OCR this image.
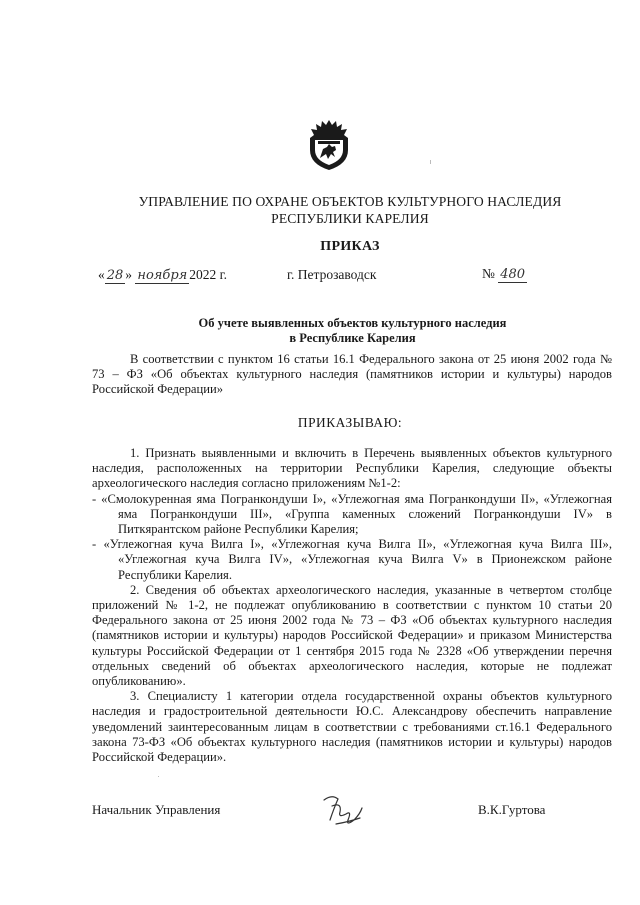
УПРАВЛЕНИЕ ПО ОХРАНЕ ОБЪЕКТОВ КУЛЬТУРНОГО НАСЛЕДИЯ
РЕСПУБЛИКИ КАРЕЛИЯ
ПРИКАЗ
« 28 » ноября 2022 г.	г. Петрозаводск	№ 480
Об учете выявленных объектов культурного наследия
в Республике Карелия
В соответствии с пунктом 16 статьи 16.1 Федерального закона от 25 июня 2002 года № 73 – ФЗ «Об объектах культурного наследия (памятников истории и культуры) народов Российской Федерации»
ПРИКАЗЫВАЮ:

1. Признать выявленными и включить в Перечень выявленных объектов культурного наследия, расположенных на территории Республики Карелия, следующие объекты археологического наследия согласно приложениям №1-2:

- «Смолокуренная яма Погранкондуши I», «Углежогная яма Погранкондуши II», «Углежогная яма Погранкондуши III», «Группа каменных сложений Погранкондуши IV» в Питкярантском районе Республики Карелия;

- «Углежогная куча Вилга I», «Углежогная куча Вилга II», «Углежогная куча Вилга III», «Углежогная куча Вилга IV», «Углежогная куча Вилга V» в Прионежском районе Республики Карелия.

2. Сведения об объектах археологического наследия, указанные в четвертом столбце приложений № 1-2, не подлежат опубликованию в соответствии с пунктом 10 статьи 20 Федерального закона от 25 июня 2002 года № 73 – ФЗ «Об объектах культурного наследия (памятников истории и культуры) народов Российской Федерации» и приказом Министерства культуры Российской Федерации от 1 сентября 2015 года № 2328 «Об утверждении перечня отдельных сведений об объектах археологического наследия, которые не подлежат опубликованию».

3. Специалисту 1 категории отдела государственной охраны объектов культурного наследия и градостроительной деятельности Ю.С. Александрову обеспечить направление уведомлений заинтересованным лицам в соответствии с требованиями ст.16.1 Федерального закона 73-ФЗ «Об объектах культурного наследия (памятников истории и культуры) народов Российской Федерации».

Начальник Управления	В.К.Гуртова
